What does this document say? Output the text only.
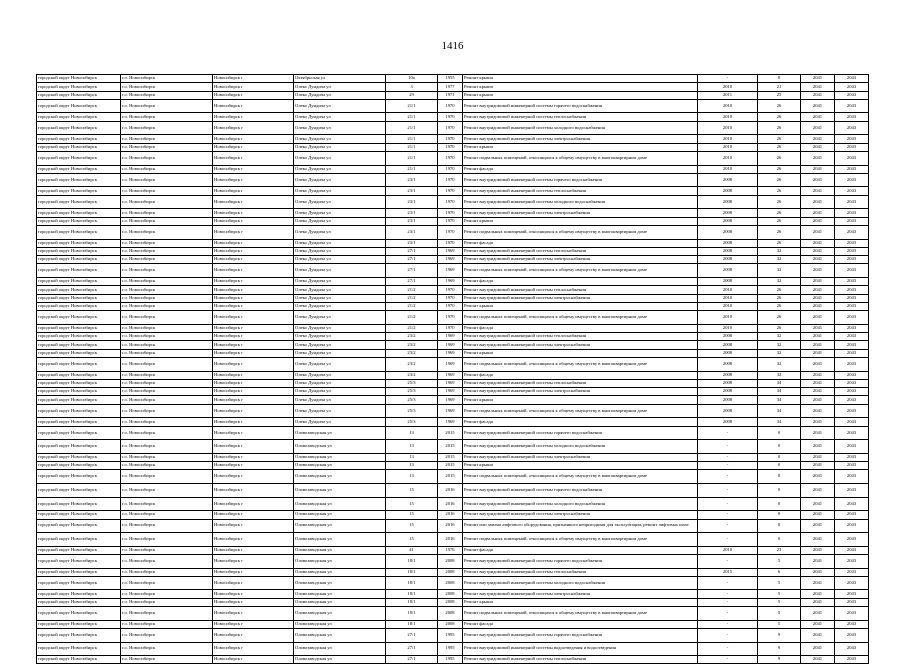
1416
городской округ Новосибирск	г.о. Новосибирск	Новосибирск г	Октябрьская ул	10а	1955	Ремонт крыши	-	8	2041	2043
городской округ Новосибирск	г.о. Новосибирск	Новосибирск г	Олеко Дундича ул	3	1977	Ремонт крыши	2010	21	2041	2043
городской округ Новосибирск	г.о. Новосибирск	Новосибирск г	Олеко Дундича ул	29	1971	Ремонт крыши	2011	25	2041	2043
городской округ Новосибирск	г.о. Новосибирск	Новосибирск г	Олеко Дундича ул	21/1	1970	Ремонт внутридомовой инженерной системы горячего водоснабжения	2010	26	2041	2043
городской округ Новосибирск	г.о. Новосибирск	Новосибирск г	Олеко Дундича ул	21/1	1970	Ремонт внутридомовой инженерной системы теплоснабжения	2010	26	2041	2043
городской округ Новосибирск	г.о. Новосибирск	Новосибирск г	Олеко Дундича ул	21/1	1970	Ремонт внутридомовой инженерной системы холодного водоснабжения	2010	26	2041	2043
городской округ Новосибирск	г.о. Новосибирск	Новосибирск г	Олеко Дундича ул	21/1	1970	Ремонт внутридомовой инженерной системы электроснабжения	2010	26	2041	2043
городской округ Новосибирск	г.о. Новосибирск	Новосибирск г	Олеко Дундича ул	21/1	1970	Ремонт крыши	2010	26	2041	2043
городской округ Новосибирск	г.о. Новосибирск	Новосибирск г	Олеко Дундича ул	21/1	1970	Ремонт подвальных помещений, относящихся к общему имуществу в многоквартирном доме	2010	26	2041	2043
городской округ Новосибирск	г.о. Новосибирск	Новосибирск г	Олеко Дундича ул	21/1	1970	Ремонт фасада	2010	26	2041	2043
городской округ Новосибирск	г.о. Новосибирск	Новосибирск г	Олеко Дундича ул	23/1	1970	Ремонт внутридомовой инженерной системы горячего водоснабжения	2008	26	2041	2043
городской округ Новосибирск	г.о. Новосибирск	Новосибирск г	Олеко Дундича ул	23/1	1970	Ремонт внутридомовой инженерной системы теплоснабжения	2008	26	2041	2043
городской округ Новосибирск	г.о. Новосибирск	Новосибирск г	Олеко Дундича ул	23/1	1970	Ремонт внутридомовой инженерной системы холодного водоснабжения	2008	26	2041	2043
городской округ Новосибирск	г.о. Новосибирск	Новосибирск г	Олеко Дундича ул	23/1	1970	Ремонт внутридомовой инженерной системы электроснабжения	2008	26	2041	2043
городской округ Новосибирск	г.о. Новосибирск	Новосибирск г	Олеко Дундича ул	23/1	1970	Ремонт крыши	2008	26	2041	2043
городской округ Новосибирск	г.о. Новосибирск	Новосибирск г	Олеко Дундича ул	23/1	1970	Ремонт подвальных помещений, относящихся к общему имуществу в многоквартирном доме	2008	26	2041	2043
городской округ Новосибирск	г.о. Новосибирск	Новосибирск г	Олеко Дундича ул	23/1	1970	Ремонт фасада	2008	26	2041	2043
городской округ Новосибирск	г.о. Новосибирск	Новосибирск г	Олеко Дундича ул	27/1	1969	Ремонт внутридомовой инженерной системы теплоснабжения	2008	32	2041	2043
городской округ Новосибирск	г.о. Новосибирск	Новосибирск г	Олеко Дундича ул	27/1	1969	Ремонт внутридомовой инженерной системы электроснабжения	2008	32	2041	2043
городской округ Новосибирск	г.о. Новосибирск	Новосибирск г	Олеко Дундича ул	27/1	1969	Ремонт подвальных помещений, относящихся к общему имуществу в многоквартирном доме	2008	32	2041	2043
городской округ Новосибирск	г.о. Новосибирск	Новосибирск г	Олеко Дундича ул	27/1	1969	Ремонт фасада	2008	32	2041	2043
городской округ Новосибирск	г.о. Новосибирск	Новосибирск г	Олеко Дундича ул	21/2	1970	Ремонт внутридомовой инженерной системы теплоснабжения	2010	26	2041	2043
городской округ Новосибирск	г.о. Новосибирск	Новосибирск г	Олеко Дундича ул	21/2	1970	Ремонт внутридомовой инженерной системы электроснабжения	2010	26	2041	2043
городской округ Новосибирск	г.о. Новосибирск	Новосибирск г	Олеко Дундича ул	21/2	1970	Ремонт крыши	2010	26	2041	2043
городской округ Новосибирск	г.о. Новосибирск	Новосибирск г	Олеко Дундича ул	21/2	1970	Ремонт подвальных помещений, относящихся к общему имуществу в многоквартирном доме	2010	26	2041	2043
городской округ Новосибирск	г.о. Новосибирск	Новосибирск г	Олеко Дундича ул	21/2	1970	Ремонт фасада	2010	26	2041	2043
городской округ Новосибирск	г.о. Новосибирск	Новосибирск г	Олеко Дундича ул	23/2	1969	Ремонт внутридомовой инженерной системы теплоснабжения	2008	32	2041	2043
городской округ Новосибирск	г.о. Новосибирск	Новосибирск г	Олеко Дундича ул	23/2	1969	Ремонт внутридомовой инженерной системы электроснабжения	2008	32	2041	2043
городской округ Новосибирск	г.о. Новосибирск	Новосибирск г	Олеко Дундича ул	23/2	1969	Ремонт крыши	2008	32	2041	2043
городской округ Новосибирск	г.о. Новосибирск	Новосибирск г	Олеко Дундича ул	23/2	1969	Ремонт подвальных помещений, относящихся к общему имуществу в многоквартирном доме	2008	32	2041	2043
городской округ Новосибирск	г.о. Новосибирск	Новосибирск г	Олеко Дундича ул	23/2	1969	Ремонт фасада	2008	32	2041	2043
городской округ Новосибирск	г.о. Новосибирск	Новосибирск г	Олеко Дундича ул	25/3	1969	Ремонт внутридомовой инженерной системы теплоснабжения	2008	34	2041	2043
городской округ Новосибирск	г.о. Новосибирск	Новосибирск г	Олеко Дундича ул	25/3	1969	Ремонт внутридомовой инженерной системы электроснабжения	2008	34	2041	2043
городской округ Новосибирск	г.о. Новосибирск	Новосибирск г	Олеко Дундича ул	25/3	1969	Ремонт крыши	2008	34	2041	2043
городской округ Новосибирск	г.о. Новосибирск	Новосибирск г	Олеко Дундича ул	25/3	1969	Ремонт подвальных помещений, относящихся к общему имуществу в многоквартирном доме	2008	34	2041	2043
городской округ Новосибирск	г.о. Новосибирск	Новосибирск г	Олеко Дундича ул	25/3	1969	Ремонт фасада	2008	34	2041	2043
городской округ Новосибирск	г.о. Новосибирск	Новосибирск г	Оловозаводская ул	13	2015	Ремонт внутридомовой инженерной системы горячего водоснабжения	-	0	2041	2043
городской округ Новосибирск	г.о. Новосибирск	Новосибирск г	Оловозаводская ул	13	2015	Ремонт внутридомовой инженерной системы холодного водоснабжения	-	0	2041	2043
городской округ Новосибирск	г.о. Новосибирск	Новосибирск г	Оловозаводская ул	13	2015	Ремонт внутридомовой инженерной системы электроснабжения	-	0	2041	2043
городской округ Новосибирск	г.о. Новосибирск	Новосибирск г	Оловозаводская ул	13	2015	Ремонт крыши	-	0	2041	2043
городской округ Новосибирск	г.о. Новосибирск	Новосибирск г	Оловозаводская ул	13	2015	Ремонт подвальных помещений, относящихся к общему имуществу в многоквартирном доме	-	0	2041	2043
городской округ Новосибирск	г.о. Новосибирск	Новосибирск г	Оловозаводская ул	15	2016	Ремонт внутридомовой инженерной системы горячего водоснабжения	-	0	2041	2043
городской округ Новосибирск	г.о. Новосибирск	Новосибирск г	Оловозаводская ул	15	2016	Ремонт внутридомовой инженерной системы холодного водоснабжения	-	0	2041	2043
городской округ Новосибирск	г.о. Новосибирск	Новосибирск г	Оловозаводская ул	15	2016	Ремонт внутридомовой инженерной системы электроснабжения	-	0	2041	2043
городской округ Новосибирск	г.о. Новосибирск	Новосибирск г	Оловозаводская ул	15	2016	Ремонт или замена лифтового оборудования, признанного непригодным для эксплуатации, ремонт лифтовых шахт	-	0	2041	2043
городской округ Новосибирск	г.о. Новосибирск	Новосибирск г	Оловозаводская ул	15	2016	Ремонт подвальных помещений, относящихся к общему имуществу в многоквартирном доме	-	0	2041	2043
городской округ Новосибирск	г.о. Новосибирск	Новосибирск г	Оловозаводская ул	41	1976	Ремонт фасада	2010	23	2041	2043
городской округ Новосибирск	г.о. Новосибирск	Новосибирск г	Оловозаводская ул	18/1	2008	Ремонт внутридомовой инженерной системы горячего водоснабжения	-	5	2041	2043
городской округ Новосибирск	г.о. Новосибирск	Новосибирск г	Оловозаводская ул	18/1	2008	Ремонт внутридомовой инженерной системы теплоснабжения	2015	6	2041	2043
городской округ Новосибирск	г.о. Новосибирск	Новосибирск г	Оловозаводская ул	18/1	2008	Ремонт внутридомовой инженерной системы холодного водоснабжения	-	5	2041	2043
городской округ Новосибирск	г.о. Новосибирск	Новосибирск г	Оловозаводская ул	18/1	2008	Ремонт внутридомовой инженерной системы электроснабжения	-	5	2041	2043
городской округ Новосибирск	г.о. Новосибирск	Новосибирск г	Оловозаводская ул	18/1	2008	Ремонт крыши	-	5	2041	2043
городской округ Новосибирск	г.о. Новосибирск	Новосибирск г	Оловозаводская ул	18/1	2008	Ремонт подвальных помещений, относящихся к общему имуществу в многоквартирном доме	-	5	2041	2043
городской округ Новосибирск	г.о. Новосибирск	Новосибирск г	Оловозаводская ул	18/1	2008	Ремонт фасада	-	5	2041	2043
городской округ Новосибирск	г.о. Новосибирск	Новосибирск г	Оловозаводская ул	27/1	1995	Ремонт внутридомовой инженерной системы горячего водоснабжения	-	9	2041	2043
городской округ Новосибирск	г.о. Новосибирск	Новосибирск г	Оловозаводская ул	27/1	1995	Ремонт внутридомовой инженерной системы водоотведения и водоотведения	-	9	2041	2043
городской округ Новосибирск	г.о. Новосибирск	Новосибирск г	Оловозаводская ул	27/1	1995	Ремонт внутридомовой инженерной системы теплоснабжения	-	9	2041	2043
